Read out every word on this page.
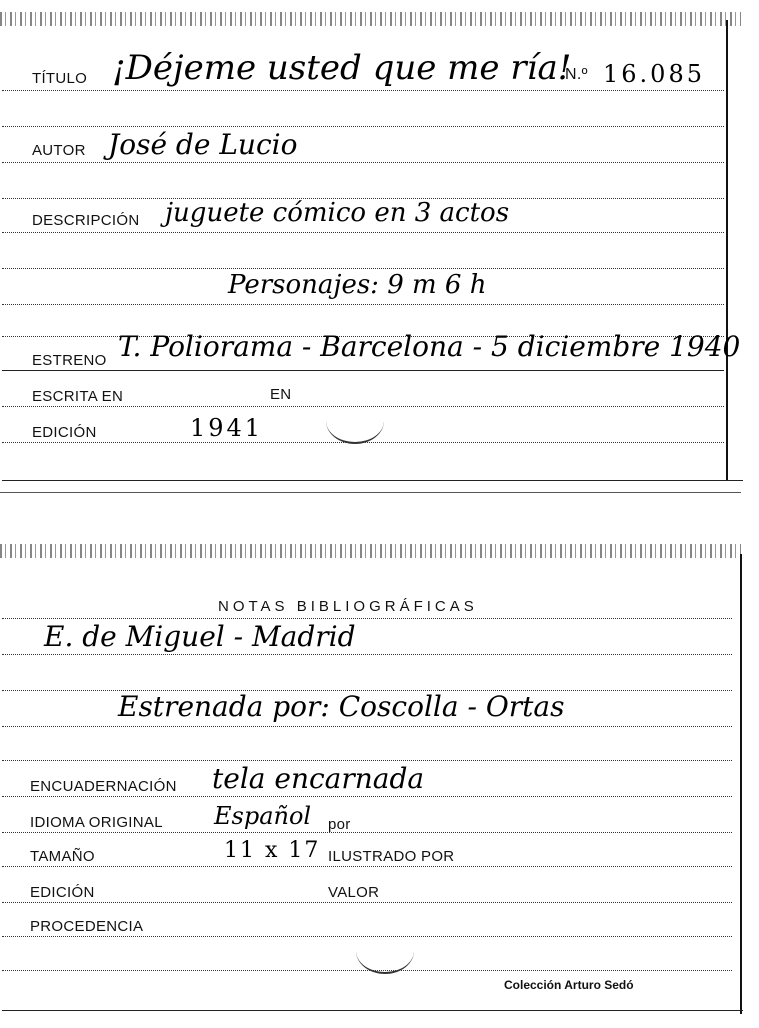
TÍTULO ¡Déjeme usted que me ría!
N.º 16.085
AUTOR José de Lucio
DESCRIPCIÓN juguete cómico en 3 actos
Personajes: 9 m 6 h
ESTRENO T. Poliorama - Barcelona - 5 diciembre 1940
ESCRITA EN	EN
EDICIÓN	1941
NOTAS BIBLIOGRÁFICAS
E. de Miguel - Madrid
Estrenada por: Coscolla - Ortas
ENCUADERNACIÓN tela encarnada
IDIOMA ORIGINAL Español por
TAMAÑO	11 x 17 ILUSTRADO POR
EDICIÓN	VALOR
PROCEDENCIA
Colección Arturo Sedó
